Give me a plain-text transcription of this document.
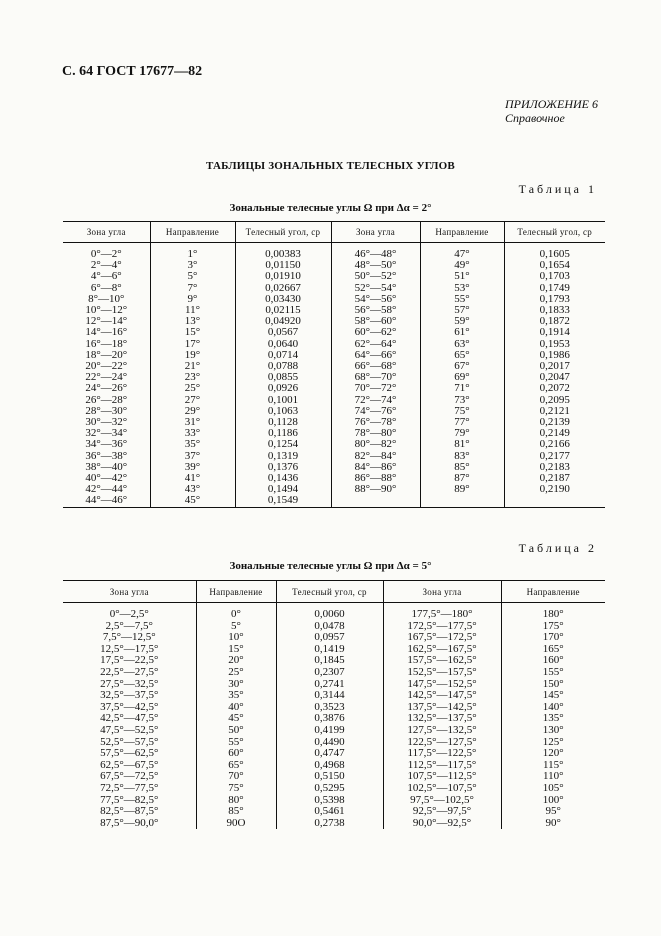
С. 64 ГОСТ 17677—82
ПРИЛОЖЕНИЕ 6
Справочное
ТАБЛИЦЫ ЗОНАЛЬНЫХ ТЕЛЕСНЫХ УГЛОВ
Таблица 1
Зональные телесные углы Ω при Δα = 2°
Зона угла	Направление	Телесный угол, ср	Зона угла	Направление	Телесный угол, ср

0°—2°	1°	0,00383	46°—48°	47°	0,1605
2°—4°	3°	0,01150	48°—50°	49°	0,1654
4°—6°	5°	0,01910	50°—52°	51°	0,1703
6°—8°	7°	0,02667	52°—54°	53°	0,1749
8°—10°	9°	0,03430	54°—56°	55°	0,1793
10°—12°	11°	0,02115	56°—58°	57°	0,1833
12°—14°	13°	0,04920	58°—60°	59°	0,1872
14°—16°	15°	0,0567	60°—62°	61°	0,1914
16°—18°	17°	0,0640	62°—64°	63°	0,1953
18°—20°	19°	0,0714	64°—66°	65°	0,1986
20°—22°	21°	0,0788	66°—68°	67°	0,2017
22°—24°	23°	0,0855	68°—70°	69°	0,2047
24°—26°	25°	0,0926	70°—72°	71°	0,2072
26°—28°	27°	0,1001	72°—74°	73°	0,2095
28°—30°	29°	0,1063	74°—76°	75°	0,2121
30°—32°	31°	0,1128	76°—78°	77°	0,2139
32°—34°	33°	0,1186	78°—80°	79°	0,2149
34°—36°	35°	0,1254	80°—82°	81°	0,2166
36°—38°	37°	0,1319	82°—84°	83°	0,2177
38°—40°	39°	0,1376	84°—86°	85°	0,2183
40°—42°	41°	0,1436	86°—88°	87°	0,2187
42°—44°	43°	0,1494	88°—90°	89°	0,2190
44°—46°	45°	0,1549			
Таблица 2
Зональные телесные углы Ω при Δα = 5°
Зона угла	Направление	Телесный угол, ср	Зона угла	Направление

0°—2,5°	0°	0,0060	177,5°—180°	180°
2,5°—7,5°	5°	0,0478	172,5°—177,5°	175°
7,5°—12,5°	10°	0,0957	167,5°—172,5°	170°
12,5°—17,5°	15°	0,1419	162,5°—167,5°	165°
17,5°—22,5°	20°	0,1845	157,5°—162,5°	160°
22,5°—27,5°	25°	0,2307	152,5°—157,5°	155°
27,5°—32,5°	30°	0,2741	147,5°—152,5°	150°
32,5°—37,5°	35°	0,3144	142,5°—147,5°	145°
37,5°—42,5°	40°	0,3523	137,5°—142,5°	140°
42,5°—47,5°	45°	0,3876	132,5°—137,5°	135°
47,5°—52,5°	50°	0,4199	127,5°—132,5°	130°
52,5°—57,5°	55°	0,4490	122,5°—127,5°	125°
57,5°—62,5°	60°	0,4747	117,5°—122,5°	120°
62,5°—67,5°	65°	0,4968	112,5°—117,5°	115°
67,5°—72,5°	70°	0,5150	107,5°—112,5°	110°
72,5°—77,5°	75°	0,5295	102,5°—107,5°	105°
77,5°—82,5°	80°	0,5398	97,5°—102,5°	100°
82,5°—87,5°	85°	0,5461	92,5°—97,5°	95°
87,5°—90,0°	90О	0,2738	90,0°—92,5°	90°
